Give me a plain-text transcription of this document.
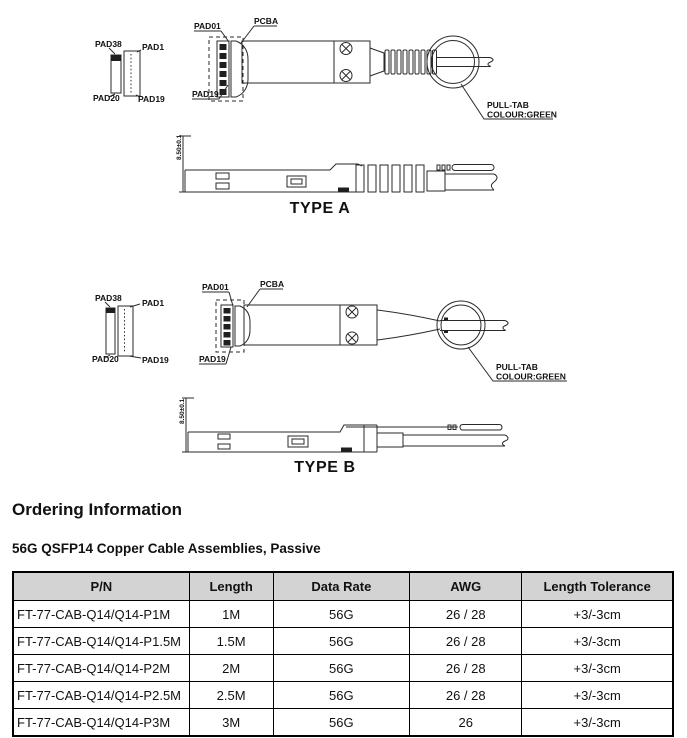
PAD38 PAD1
PAD20 PAD19
PULL-TAB
COLOUR:GREEN
PAD01	PCBA
PAD19
8.50±0.1
TYPE A
PAD38 PAD1
PAD20	PAD19
PULL-TAB
COLOUR:GREEN
PAD01	PCBA
PAD19
8.50±0.1
TYPE B
Ordering Information
56G QSFP14 Copper Cable Assemblies, Passive
P/N	Length	Data Rate	AWG	Length Tolerance
FT-77-CAB-Q14/Q14-P1M	1M	56G	26 / 28	+3/-3cm
FT-77-CAB-Q14/Q14-P1.5M	1.5M	56G	26 / 28	+3/-3cm
FT-77-CAB-Q14/Q14-P2M	2M	56G	26 / 28	+3/-3cm
FT-77-CAB-Q14/Q14-P2.5M	2.5M	56G	26 / 28	+3/-3cm
FT-77-CAB-Q14/Q14-P3M	3M	56G	26	+3/-3cm
